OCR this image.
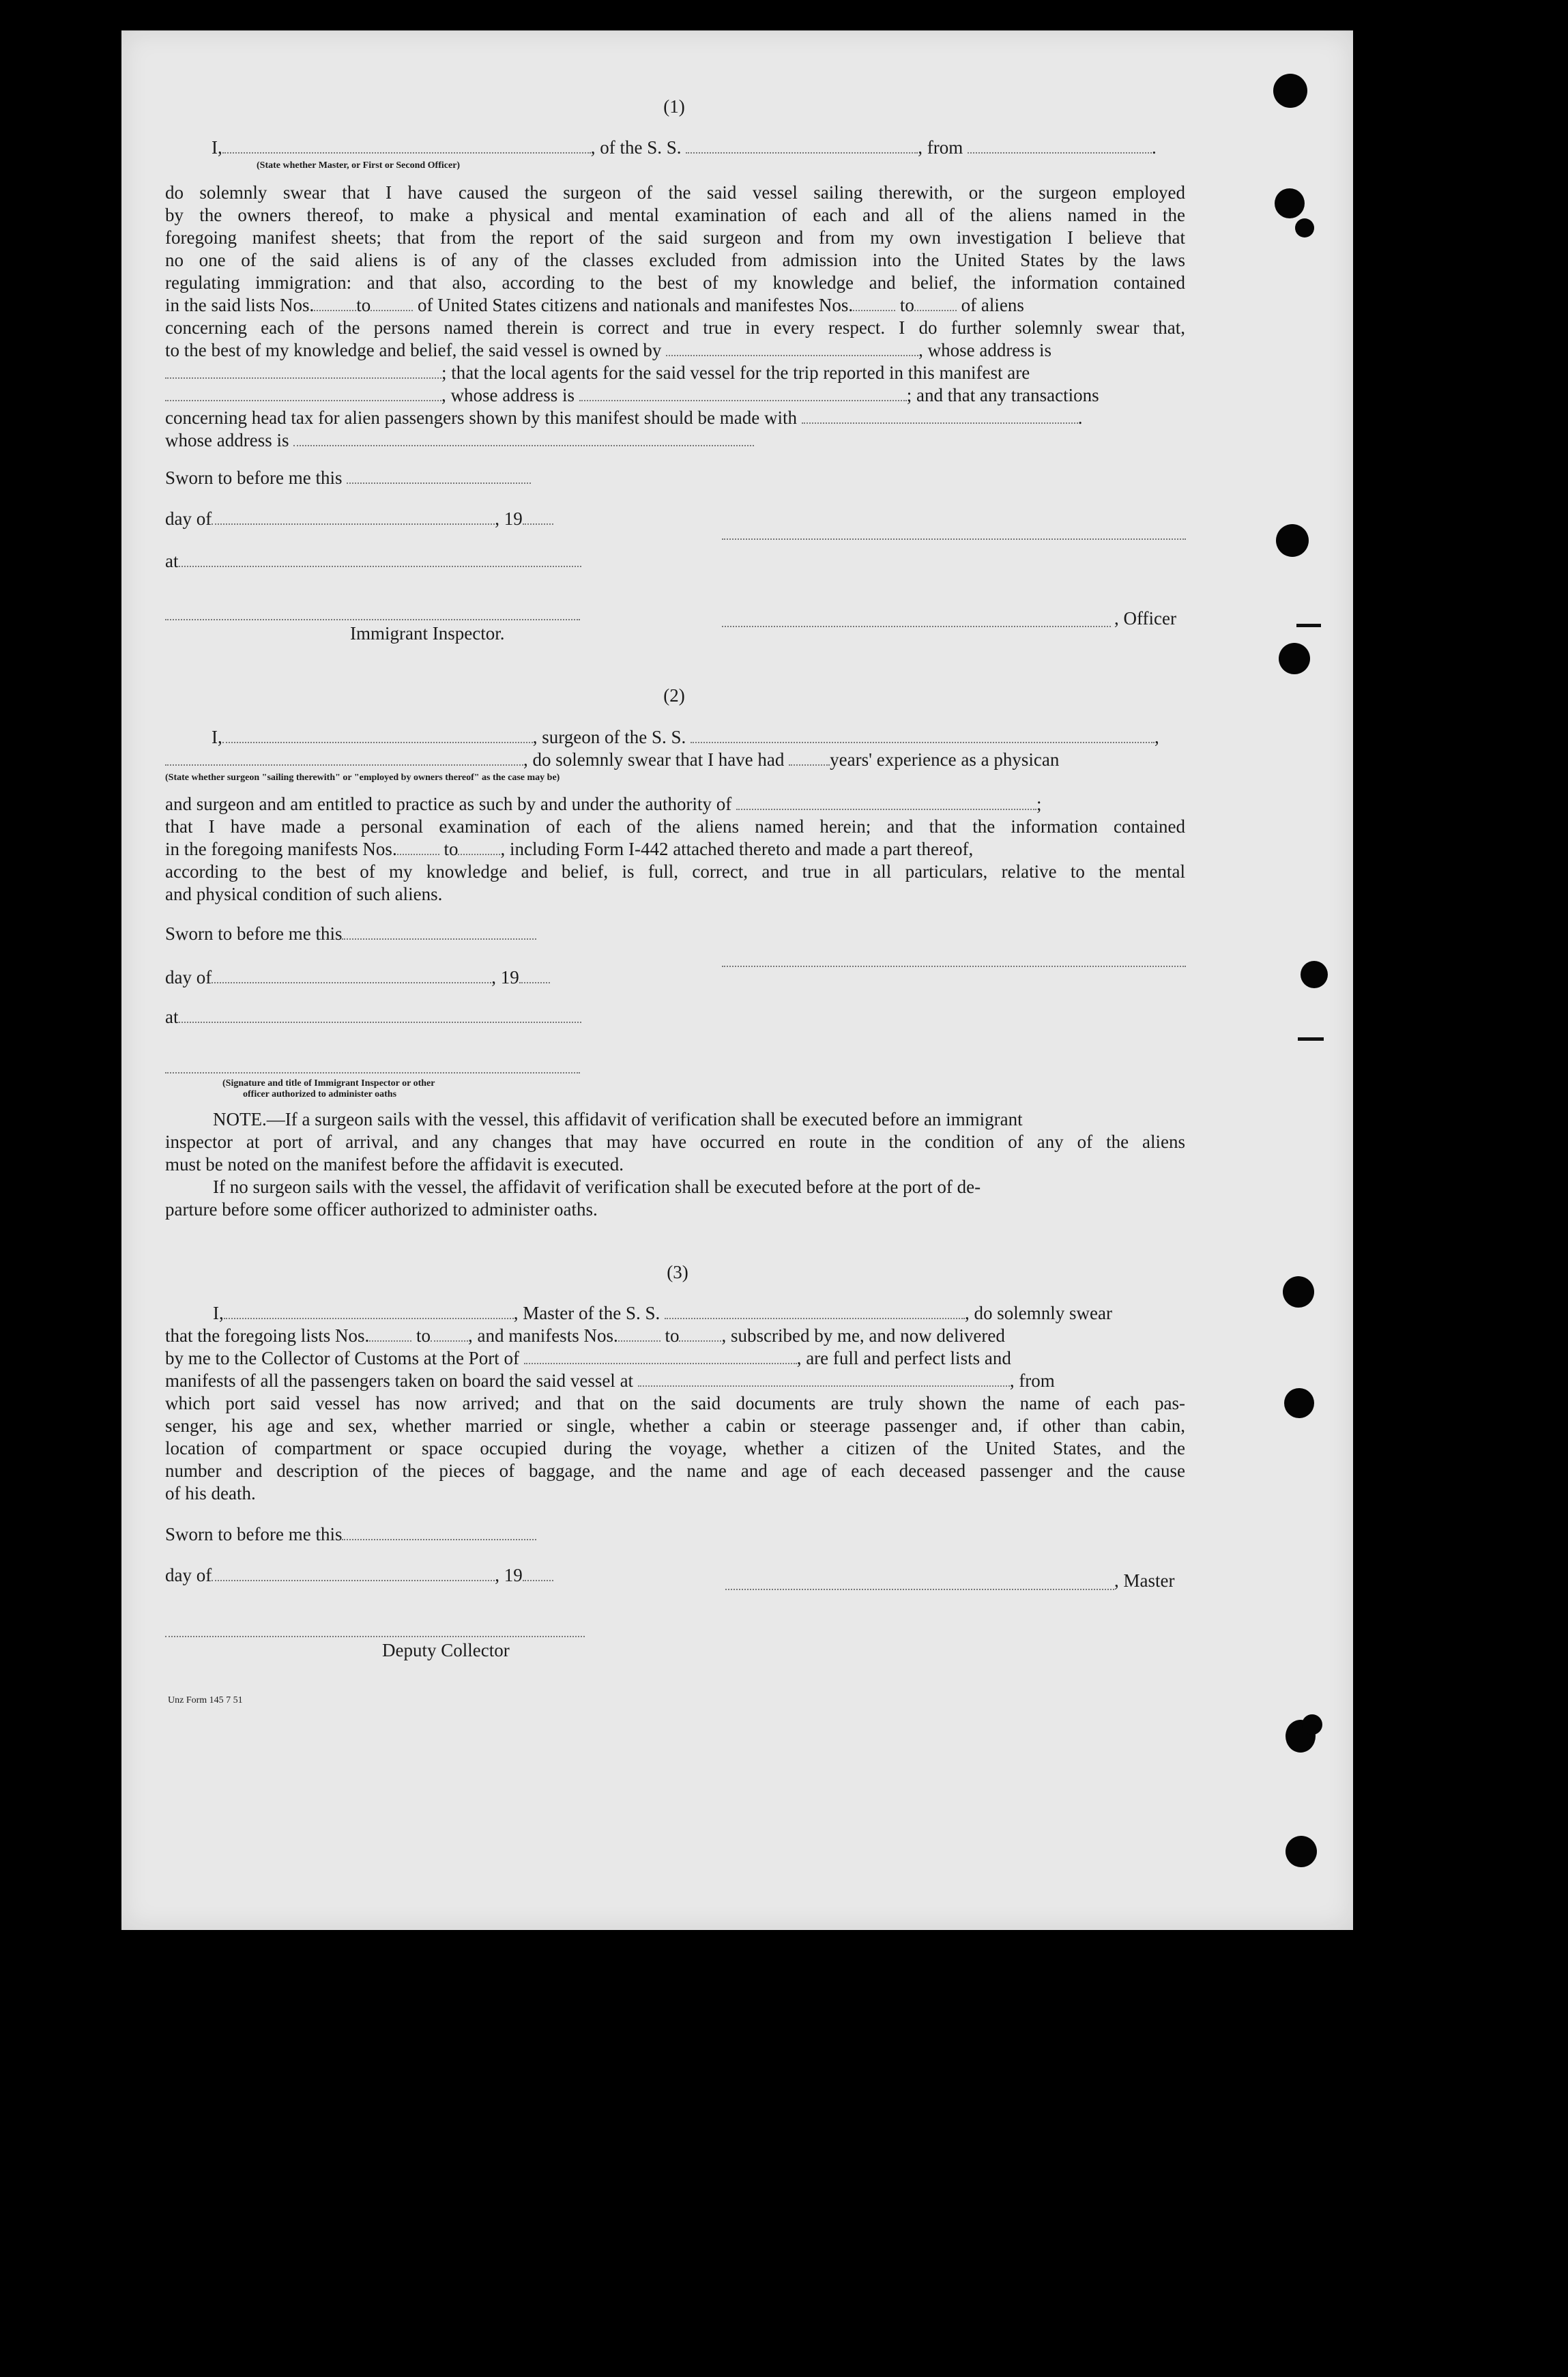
(1)
I,	, of the S. S.	, from	.
(State whether Master, or First or Second Officer)
do solemnly swear that I have caused the surgeon of the said vessel sailing therewith, or the surgeon employed
by the owners thereof, to make a physical and mental examination of each and all of the aliens named in the
foregoing manifest sheets; that from the report of the said surgeon and from my own investigation I believe that
no one of the said aliens is of any of the classes excluded from admission into the United States by the laws
regulating immigration: and that also, according to the best of my knowledge and belief, the information contained
in the said lists Nos. to	of United States citizens and nationals and manifestes Nos.	to	of aliens
concerning each of the persons named therein is correct and true in every respect. I do further solemnly swear that,
to the best of my knowledge and belief, the said vessel is owned by	, whose address is
; that the local agents for the said vessel for the trip reported in this manifest are
, whose address is	; and that any transactions
concerning head tax for alien passengers shown by this manifest should be made with	.
whose address is
Sworn to before me this
day of	, 19
at
, Officer
Immigrant Inspector.
(2)
I,	, surgeon of the S. S.	,
, do solemnly swear that I have had years' experience as a physican
(State whether surgeon "sailing therewith" or "employed by owners thereof" as the case may be)
and surgeon and am entitled to practice as such by and under the authority of	;
that I have made a personal examination of each of the aliens named herein; and that the information contained
in the foregoing manifests Nos.	to , including Form I-442 attached thereto and made a part thereof,
according to the best of my knowledge and belief, is full, correct, and true in all particulars, relative to the mental
and physical condition of such aliens.
Sworn to before me this
day of	, 19
at
(Signature and title of Immigrant Inspector or other
officer authorized to administer oaths
NOTE.—If a surgeon sails with the vessel, this affidavit of verification shall be executed before an immigrant
inspector at port of arrival, and any changes that may have occurred en route in the condition of any of the aliens
must be noted on the manifest before the affidavit is executed.
If no surgeon sails with the vessel, the affidavit of verification shall be executed before at the port of de-
parture before some officer authorized to administer oaths.
(3)
I,	, Master of the S. S.	, do solemnly swear
that the foregoing lists Nos.	to , and manifests Nos.	to , subscribed by me, and now delivered
by me to the Collector of Customs at the Port of	, are full and perfect lists and
manifests of all the passengers taken on board the said vessel at	, from
which port said vessel has now arrived; and that on the said documents are truly shown the name of each pas-
senger, his age and sex, whether married or single, whether a cabin or steerage passenger and, if other than cabin,
location of compartment or space occupied during the voyage, whether a citizen of the United States, and the
number and description of the pieces of baggage, and the name and age of each deceased passenger and the cause
of his death.
Sworn to before me this
day of	, 19	, Master
Deputy Collector
Unz Form 145 7 51
